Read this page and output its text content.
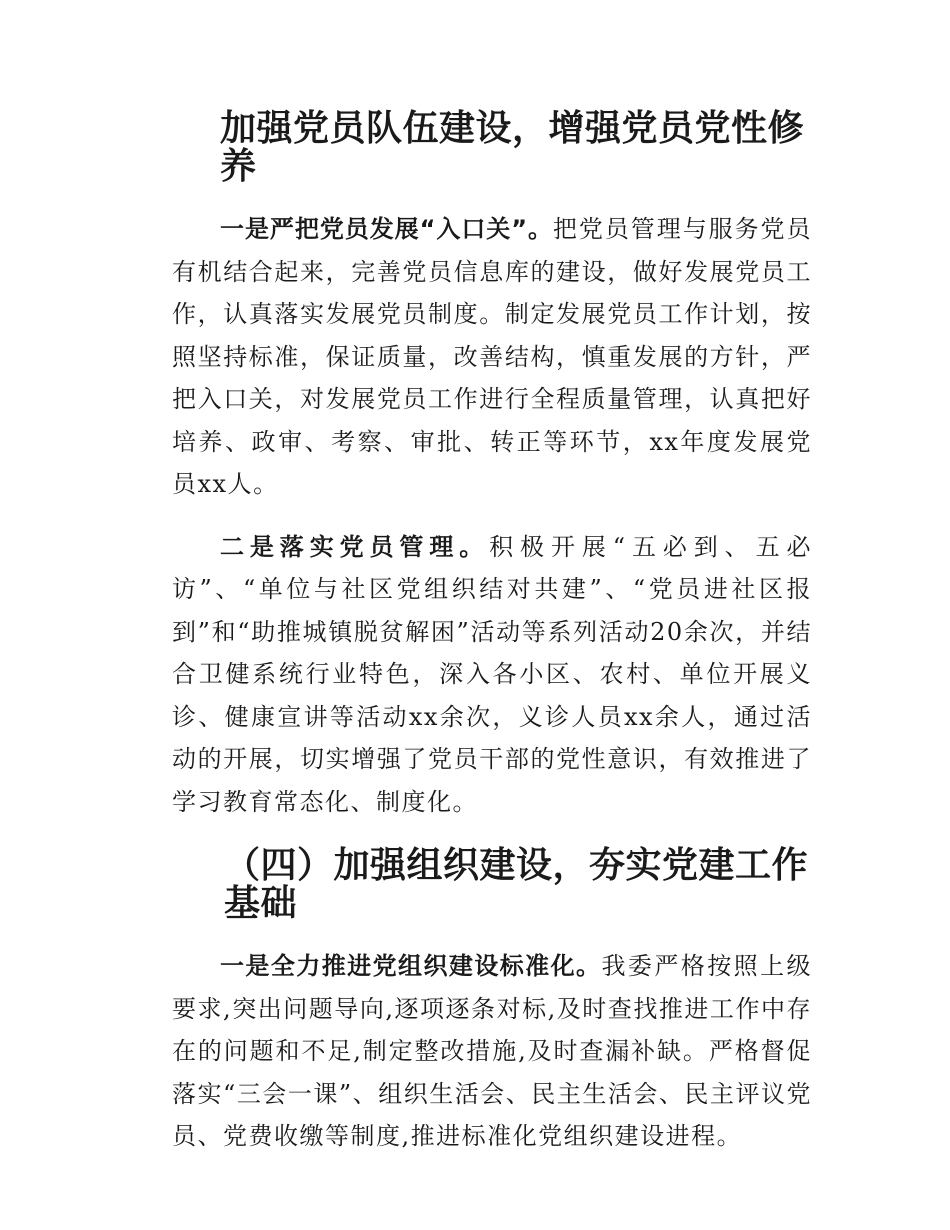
加强党员队伍建设，增强党员党性修养

一是严把党员发展“入口关”。把党员管理与服务党员有机结合起来，完善党员信息库的建设，做好发展党员工作，认真落实发展党员制度。制定发展党员工作计划，按照坚持标准，保证质量，改善结构，慎重发展的方针，严把入口关，对发展党员工作进行全程质量管理，认真把好培养、政审、考察、审批、转正等环节，xx年度发展党员xx人。

二是落实党员管理。积极开展“五必到、五必访”、“单位与社区党组织结对共建”、“党员进社区报到”和“助推城镇脱贫解困”活动等系列活动20余次，并结合卫健系统行业特色，深入各小区、农村、单位开展义诊、健康宣讲等活动xx余次，义诊人员xx余人，通过活动的开展，切实增强了党员干部的党性意识，有效推进了学习教育常态化、制度化。

（四）加强组织建设，夯实党建工作基础

一是全力推进党组织建设标准化。我委严格按照上级要求,突出问题导向,逐项逐条对标,及时查找推进工作中存在的问题和不足,制定整改措施,及时查漏补缺。严格督促落实“三会一课”、组织生活会、民主生活会、民主评议党员、党费收缴等制度,推进标准化党组织建设进程。
